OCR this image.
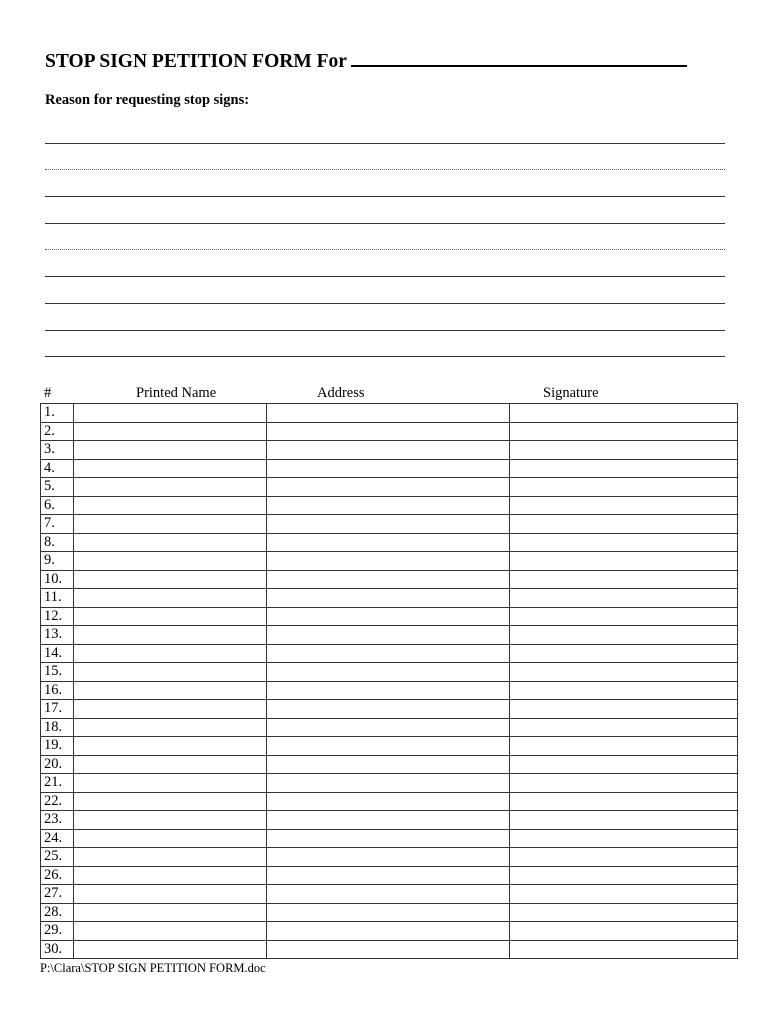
STOP SIGN PETITION FORM For
Reason for requesting stop signs:
#	Printed Name	Address	Signature
1.			
2.			
3.			
4.			
5.			
6.			
7.			
8.			
9.			
10.			
11.			
12.			
13.			
14.			
15.			
16.			
17.			
18.			
19.			
20.			
21.			
22.			
23.			
24.			
25.			
26.			
27.			
28.			
29.			
30.			
P:\Clara\STOP SIGN PETITION FORM.doc
